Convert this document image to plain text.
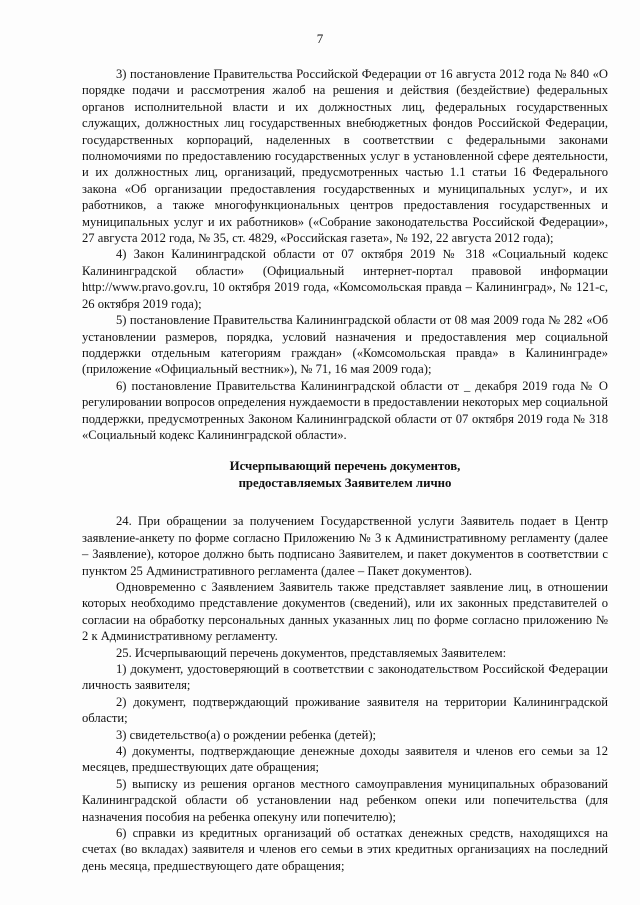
7

3) постановление Правительства Российской Федерации от 16 августа 2012 года № 840 «О порядке подачи и рассмотрения жалоб на решения и действия (бездействие) федеральных органов исполнительной власти и их должностных лиц, федеральных государственных служащих, должностных лиц государственных внебюджетных фондов Российской Федерации, государственных корпораций, наделенных в соответствии с федеральными законами полномочиями по предоставлению государственных услуг в установленной сфере деятельности, и их должностных лиц, организаций, предусмотренных частью 1.1 статьи 16 Федерального закона «Об организации предоставления государственных и муниципальных услуг», и их работников, а также многофункциональных центров предоставления государственных и муниципальных услуг и их работников» («Собрание законодательства Российской Федерации», 27 августа 2012 года, № 35, ст. 4829, «Российская газета», № 192, 22 августа 2012 года);

4) Закон Калининградской области от 07 октября 2019 № 318 «Социальный кодекс Калининградской области» (Официальный интернет-портал правовой информации http://www.pravo.gov.ru, 10 октября 2019 года, «Комсомольская правда – Калининград», № 121-с, 26 октября 2019 года);

5) постановление Правительства Калининградской области от 08 мая 2009 года № 282 «Об установлении размеров, порядка, условий назначения и предоставления мер социальной поддержки отдельным категориям граждан» («Комсомольская правда» в Калининграде» (приложение «Официальный вестник»), № 71, 16 мая 2009 года);

6) постановление Правительства Калининградской области от _ декабря 2019 года № О регулировании вопросов определения нуждаемости в предоставлении некоторых мер социальной поддержки, предусмотренных Законом Калининградской области от 07 октября 2019 года № 318 «Социальный кодекс Калининградской области».

Исчерпывающий перечень документов,
предоставляемых Заявителем лично

24. При обращении за получением Государственной услуги Заявитель подает в Центр заявление-анкету по форме согласно Приложению № 3 к Административному регламенту (далее – Заявление), которое должно быть подписано Заявителем, и пакет документов в соответствии с пунктом 25 Административного регламента (далее – Пакет документов).

Одновременно с Заявлением Заявитель также представляет заявление лиц, в отношении которых необходимо представление документов (сведений), или их законных представителей о согласии на обработку персональных данных указанных лиц по форме согласно приложению № 2 к Административному регламенту.

25. Исчерпывающий перечень документов, представляемых Заявителем:

1) документ, удостоверяющий в соответствии с законодательством Российской Федерации личность заявителя;

2) документ, подтверждающий проживание заявителя на территории Калининградской области;

3) свидетельство(а) о рождении ребенка (детей);

4) документы, подтверждающие денежные доходы заявителя и членов его семьи за 12 месяцев, предшествующих дате обращения;

5) выписку из решения органов местного самоуправления муниципальных образований Калининградской области об установлении над ребенком опеки или попечительства (для назначения пособия на ребенка опекуну или попечителю);

6) справки из кредитных организаций об остатках денежных средств, находящихся на счетах (во вкладах) заявителя и членов его семьи в этих кредитных организациях на последний день месяца, предшествующего дате обращения;
